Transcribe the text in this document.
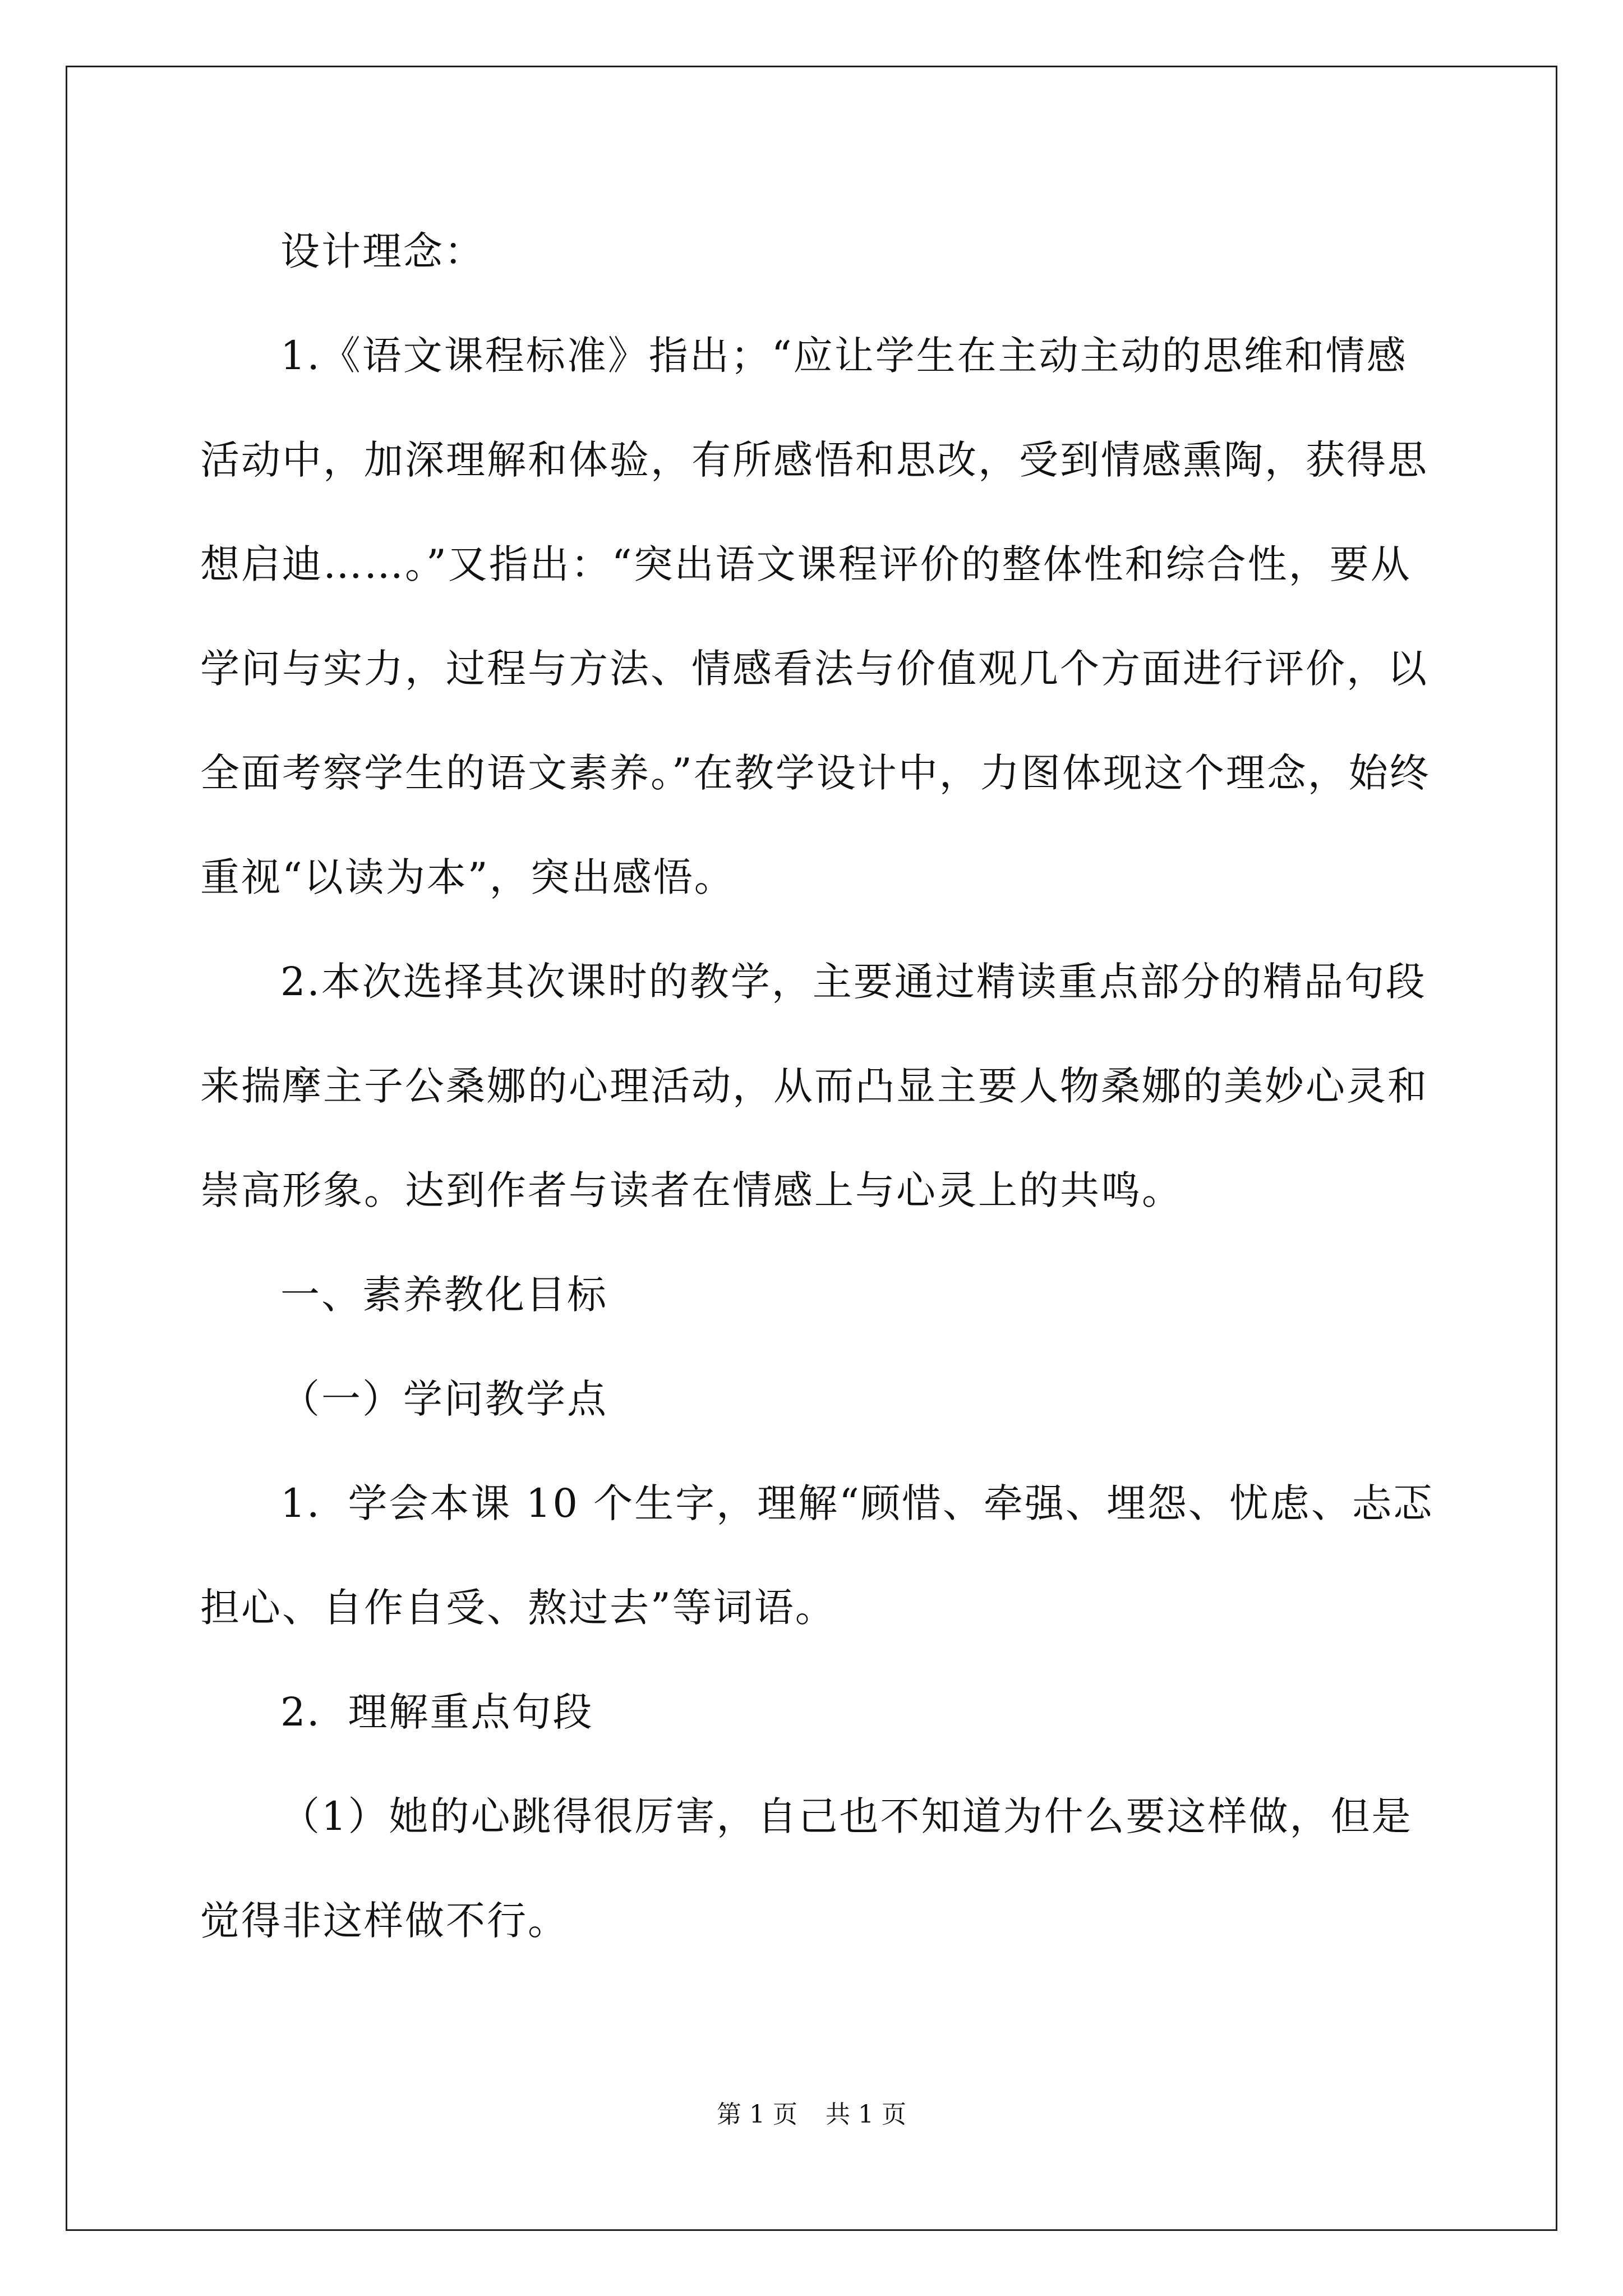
设计理念：

1.《语文课程标准》指出；“应让学生在主动主动的思维和情感活动中，加深理解和体验，有所感悟和思改，受到情感熏陶，获得思想启迪……。”又指出：“突出语文课程评价的整体性和综合性，要从学问与实力，过程与方法、情感看法与价值观几个方面进行评价，以全面考察学生的语文素养。”在教学设计中，力图体现这个理念，始终重视“以读为本”，突出感悟。

2.本次选择其次课时的教学，主要通过精读重点部分的精品句段来揣摩主子公桑娜的心理活动，从而凸显主要人物桑娜的美妙心灵和崇高形象。达到作者与读者在情感上与心灵上的共鸣。

一、素养教化目标

（一）学问教学点

1．学会本课 10 个生字，理解“顾惜、牵强、埋怨、忧虑、忐忑担心、自作自受、熬过去”等词语。

2．理解重点句段

（1）她的心跳得很厉害，自己也不知道为什么要这样做，但是觉得非这样做不行。

第 1 页 共 1 页
